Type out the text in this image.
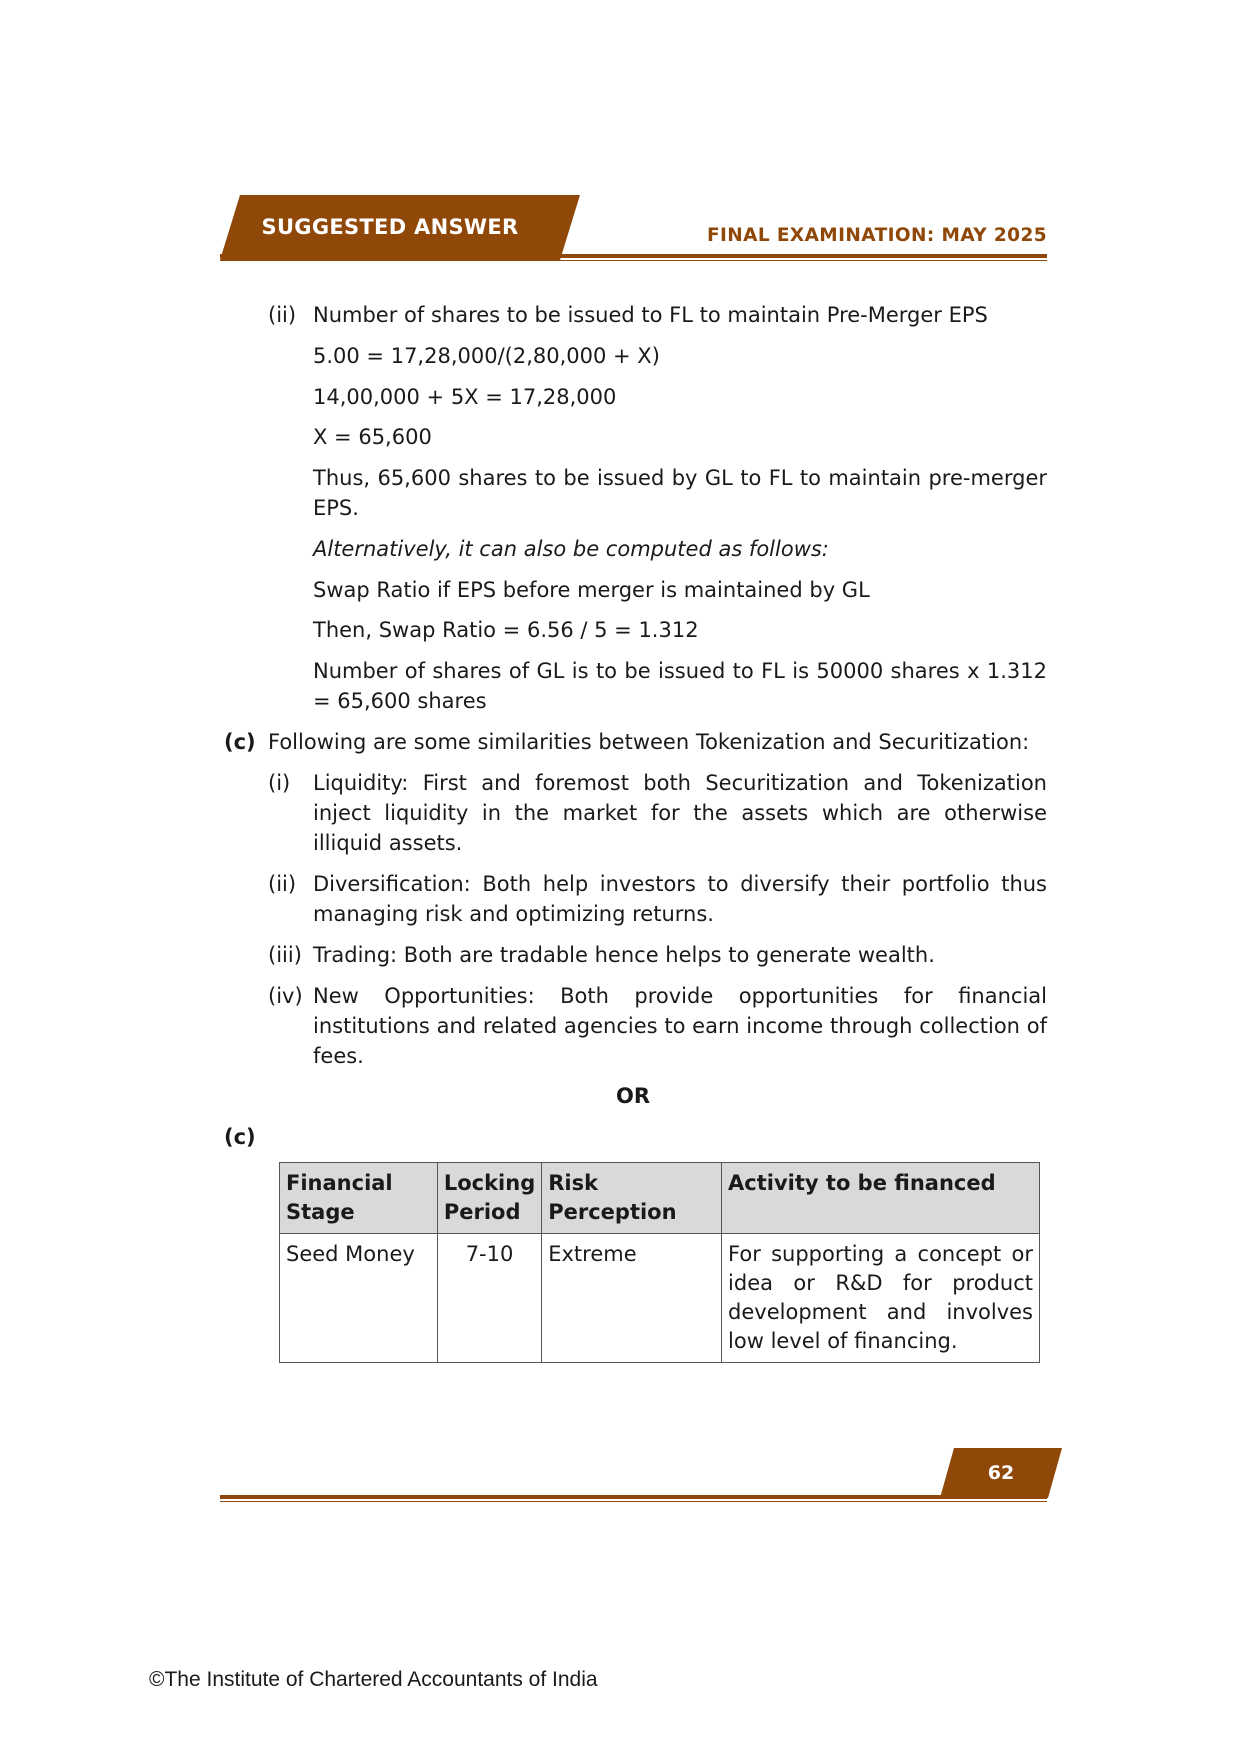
SUGGESTED ANSWER	FINAL EXAMINATION: MAY 2025
(ii) Number of shares to be issued to FL to maintain Pre-Merger EPS
5.00 = 17,28,000/(2,80,000 + X)
14,00,000 + 5X = 17,28,000
X = 65,600
Thus, 65,600 shares to be issued by GL to FL to maintain pre-merger EPS.
Alternatively, it can also be computed as follows:
Swap Ratio if EPS before merger is maintained by GL
Then, Swap Ratio = 6.56 / 5 = 1.312
Number of shares of GL is to be issued to FL is 50000 shares x 1.312 = 65,600 shares
(c) Following are some similarities between Tokenization and Securitization:
(i) Liquidity: First and foremost both Securitization and Tokenization inject liquidity in the market for the assets which are otherwise illiquid assets.
(ii) Diversification: Both help investors to diversify their portfolio thus managing risk and optimizing returns.
(iii) Trading: Both are tradable hence helps to generate wealth.
(iv) New Opportunities: Both provide opportunities for financial institutions and related agencies to earn income through collection of fees.
OR
(c)
Financial Stage	Locking Period	Risk Perception	Activity to be financed
Seed Money	7-10	Extreme	For supporting a concept or idea or R&D for product development and involves low level of financing.
62
©The Institute of Chartered Accountants of India
